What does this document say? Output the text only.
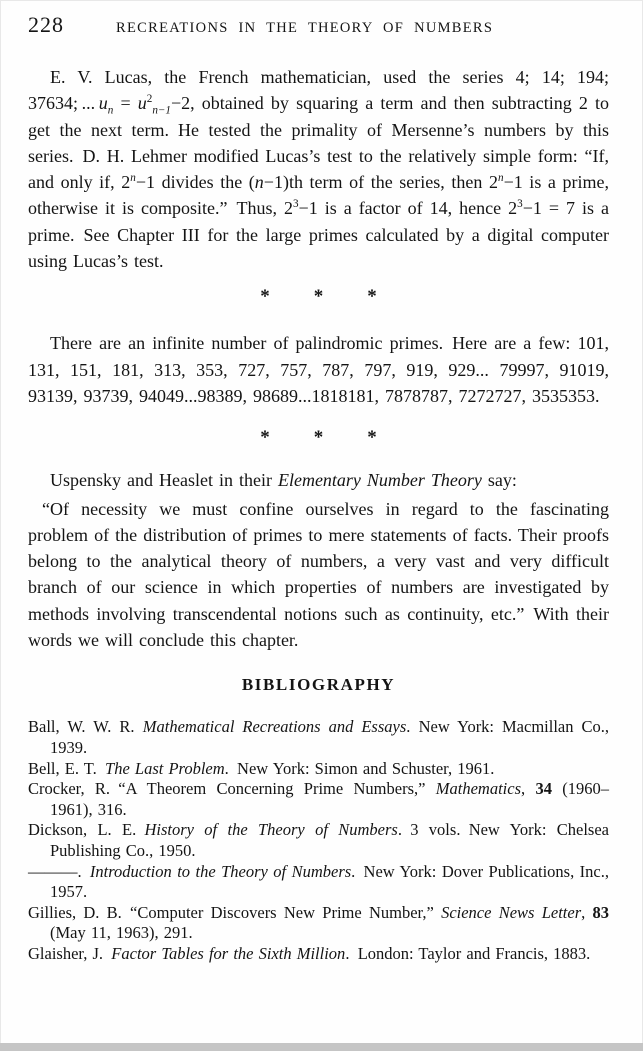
228	RECREATIONS IN THE THEORY OF NUMBERS

E. V. Lucas, the French mathematician, used the series 4; 14; 194; 37634; ... $u_n = u^2_{n-1}-2$, obtained by squaring a term and then subtracting 2 to get the next term. He tested the primality of Mersenne’s numbers by this series. D. H. Lehmer modified Lucas’s test to the relatively simple form: “If, and only if, $2^n-1$ divides the (n−1)th term of the series, then $2^n-1$ is a prime, otherwise it is composite.” Thus, $2^3-1$ is a factor of 14, hence $2^3-1 = 7$ is a prime. See Chapter III for the large primes calculated by a digital computer using Lucas’s test.

* * *

There are an infinite number of palindromic primes. Here are a few: 101, 131, 151, 181, 313, 353, 727, 757, 787, 797, 919, 929... 79997, 91019, 93139, 93739, 94049...98389, 98689...1818181, 7878787, 7272727, 3535353.

* * *

Uspensky and Heaslet in their Elementary Number Theory say:

“Of necessity we must confine ourselves in regard to the fascinating problem of the distribution of primes to mere statements of facts. Their proofs belong to the analytical theory of numbers, a very vast and very difficult branch of our science in which properties of numbers are investigated by methods involving transcendental notions such as continuity, etc.” With their words we will conclude this chapter.

BIBLIOGRAPHY

Ball, W. W. R. Mathematical Recreations and Essays. New York: Macmillan Co., 1939.

Bell, E. T. The Last Problem. New York: Simon and Schuster, 1961.

Crocker, R. “A Theorem Concerning Prime Numbers,” Mathematics, 34 (1960–1961), 316.

Dickson, L. E. History of the Theory of Numbers. 3 vols. New York: Chelsea Publishing Co., 1950.

———. Introduction to the Theory of Numbers. New York: Dover Publications, Inc., 1957.

Gillies, D. B. “Computer Discovers New Prime Number,” Science News Letter, 83 (May 11, 1963), 291.

Glaisher, J. Factor Tables for the Sixth Million. London: Taylor and Francis, 1883.
